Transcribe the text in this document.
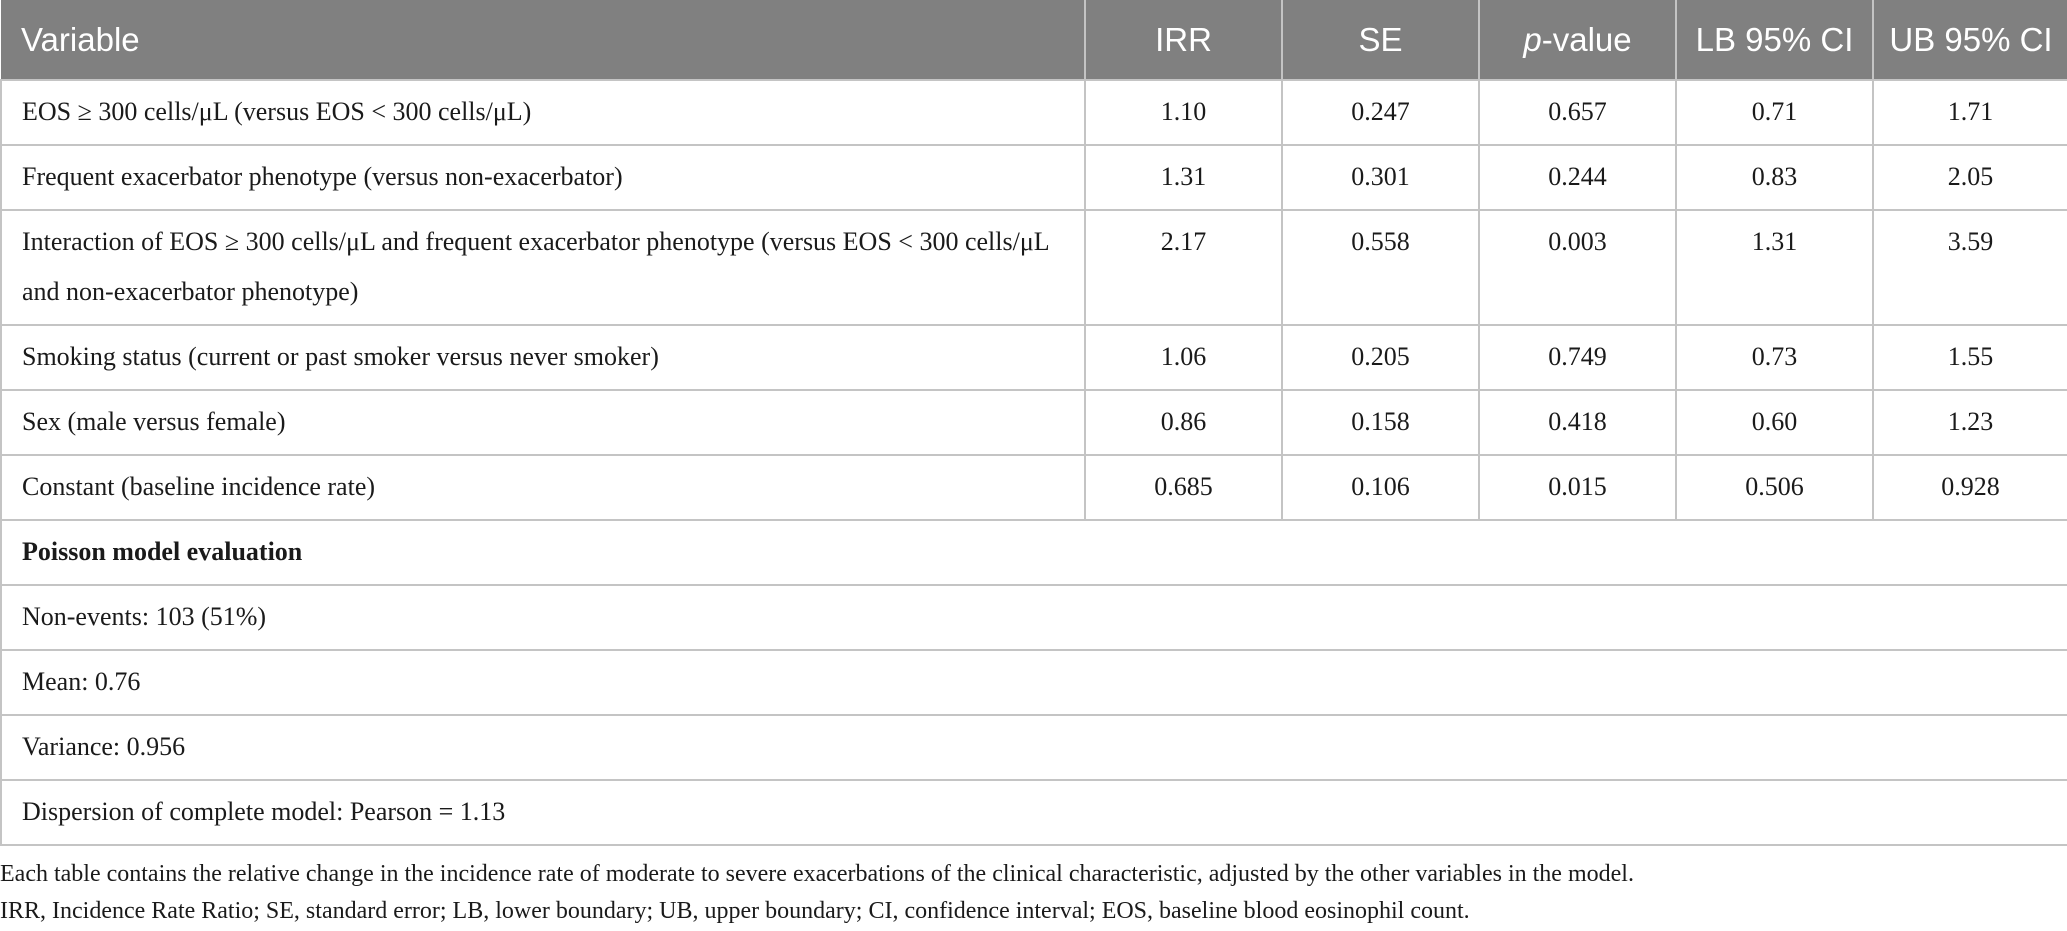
Variable	IRR	SE	p-value	LB 95% CI	UB 95% CI
EOS ≥ 300 cells/μL (versus EOS < 300 cells/μL)	1.10	0.247	0.657	0.71	1.71
Frequent exacerbator phenotype (versus non-exacerbator)	1.31	0.301	0.244	0.83	2.05
Interaction of EOS ≥ 300 cells/μL and frequent exacerbator phenotype (versus EOS < 300 cells/μL and non-exacerbator phenotype)	2.17	0.558	0.003	1.31	3.59
Smoking status (current or past smoker versus never smoker)	1.06	0.205	0.749	0.73	1.55
Sex (male versus female)	0.86	0.158	0.418	0.60	1.23
Constant (baseline incidence rate)	0.685	0.106	0.015	0.506	0.928
Poisson model evaluation					
Non-events: 103 (51%)					
Mean: 0.76					
Variance: 0.956					
Dispersion of complete model: Pearson = 1.13					

Each table contains the relative change in the incidence rate of moderate to severe exacerbations of the clinical characteristic, adjusted by the other variables in the model.

IRR, Incidence Rate Ratio; SE, standard error; LB, lower boundary; UB, upper boundary; CI, confidence interval; EOS, baseline blood eosinophil count.
